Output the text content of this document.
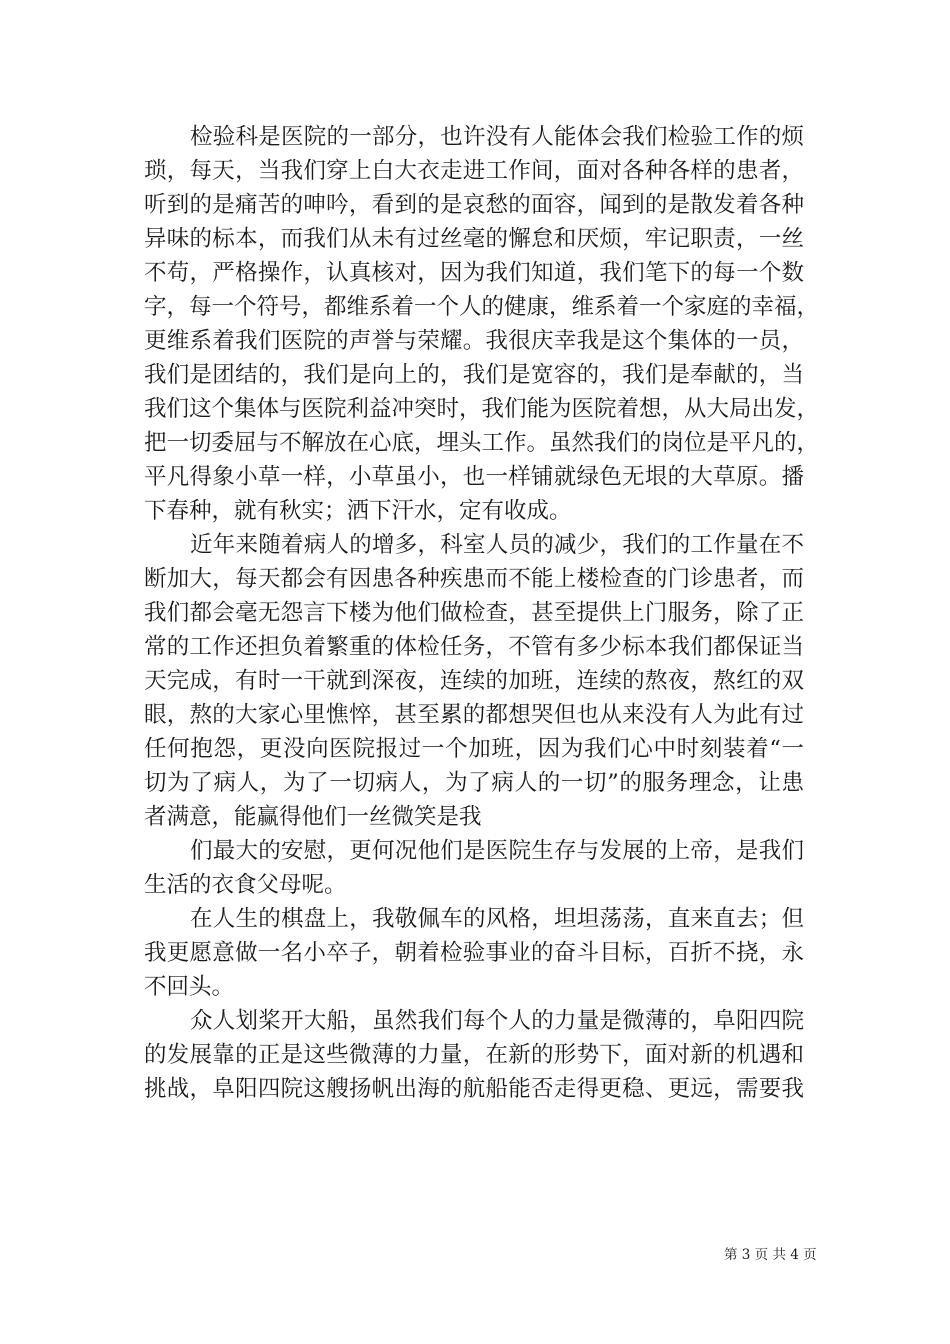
检验科是医院的一部分，也许没有人能体会我们检验工作的烦
琐，每天，当我们穿上白大衣走进工作间，面对各种各样的患者，
听到的是痛苦的呻吟，看到的是哀愁的面容，闻到的是散发着各种
异味的标本，而我们从未有过丝毫的懈怠和厌烦，牢记职责，一丝
不苟，严格操作，认真核对，因为我们知道，我们笔下的每一个数
字，每一个符号，都维系着一个人的健康，维系着一个家庭的幸福，
更维系着我们医院的声誉与荣耀。我很庆幸我是这个集体的一员，
我们是团结的，我们是向上的，我们是宽容的，我们是奉献的，当
我们这个集体与医院利益冲突时，我们能为医院着想，从大局出发，
把一切委屈与不解放在心底，埋头工作。虽然我们的岗位是平凡的，
平凡得象小草一样，小草虽小，也一样铺就绿色无垠的大草原。播
下春种，就有秋实；洒下汗水，定有收成。
近年来随着病人的增多，科室人员的减少，我们的工作量在不
断加大，每天都会有因患各种疾患而不能上楼检查的门诊患者，而
我们都会毫无怨言下楼为他们做检查，甚至提供上门服务，除了正
常的工作还担负着繁重的体检任务，不管有多少标本我们都保证当
天完成，有时一干就到深夜，连续的加班，连续的熬夜，熬红的双
眼，熬的大家心里憔悴，甚至累的都想哭但也从来没有人为此有过
任何抱怨，更没向医院报过一个加班，因为我们心中时刻装着“一
切为了病人，为了一切病人，为了病人的一切”的服务理念，让患
者满意，能赢得他们一丝微笑是我
们最大的安慰，更何况他们是医院生存与发展的上帝，是我们
生活的衣食父母呢。
在人生的棋盘上，我敬佩车的风格，坦坦荡荡，直来直去；但
我更愿意做一名小卒子，朝着检验事业的奋斗目标，百折不挠，永
不回头。
众人划桨开大船，虽然我们每个人的力量是微薄的，阜阳四院
的发展靠的正是这些微薄的力量，在新的形势下，面对新的机遇和
挑战，阜阳四院这艘扬帆出海的航船能否走得更稳、更远，需要我
第 3 页 共 4 页
